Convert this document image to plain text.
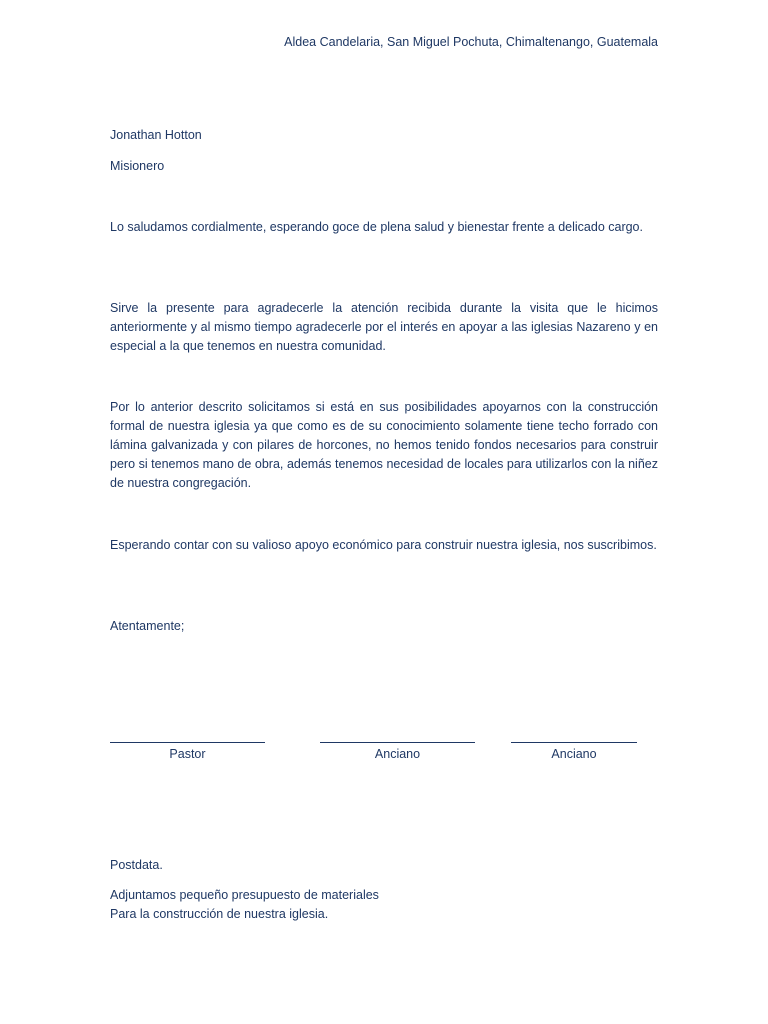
Aldea Candelaria, San Miguel Pochuta, Chimaltenango, Guatemala
Jonathan Hotton
Misionero
Lo saludamos cordialmente, esperando goce de plena salud y bienestar frente a delicado cargo.
Sirve la presente para agradecerle la atención recibida durante la visita que le hicimos anteriormente y al mismo tiempo agradecerle por el interés en apoyar a las iglesias Nazareno y en especial a la que tenemos en nuestra comunidad.
Por lo anterior descrito solicitamos si está en sus posibilidades apoyarnos con la construcción formal de nuestra iglesia ya que como es de su conocimiento solamente tiene techo forrado con lámina galvanizada y con pilares de horcones, no hemos tenido fondos necesarios para construir pero si tenemos mano de obra, además tenemos necesidad de locales para utilizarlos con la niñez de nuestra congregación.
Esperando contar con su valioso apoyo económico para construir nuestra iglesia, nos suscribimos.
Atentamente;
Pastor	Anciano	Anciano
Postdata.
Adjuntamos pequeño presupuesto de materiales
Para la construcción de nuestra iglesia.
